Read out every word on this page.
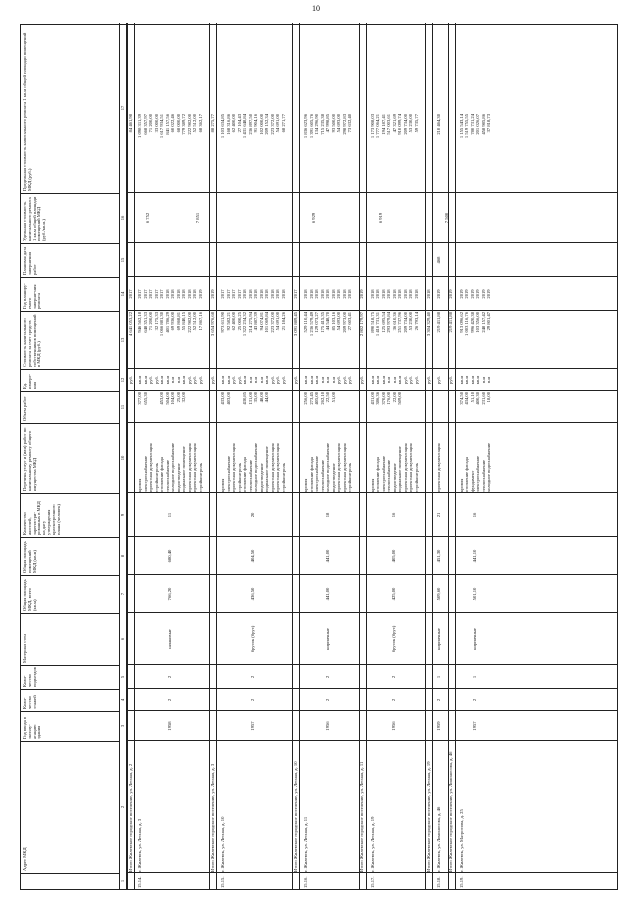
10
Адрес МКД
Год ввода в эксплу-атацию здания
Коли-чество этажей
Коли-чество подъездов
Материал стен
Общая площадь МКД, всего (кв.м)
Общая площадь помещений МКД (кв.м)
Количество жителей, зарегистри-рованных в МКД на дату утверждения краткосрочного плана (человек)
Перечень услуг и (или) работ по капитальному ремонту общего имущества МКД
Объем работ
Ед. измере-ния
Стоимость капитального ремонта за счет средств собственников помещений в МКД (руб.)
Год планиру-емого заверше-ния ремонта
Плановая дата завершения работ
Удельная стоимость капитального ремонта 1 кв.м общей площади помещений МКД (руб./кв.м.)
Предельная стоимость капитального ремонта 1 кв.м общей площади помещений МКД (руб.)
1
2
3
4
5
6
7
8
9
10
11
12
13
14
15
16
17
Итого Жилевское городское поселение, ул. Лесная, д. 2
руб.
4 641 053,22
2017
84 461,98
15.14.
г. Жилевск, ул. Лесная, д. 3
1958
2
2
шлаковые
766,20
680,40
11
6 752	7 851
кровля
377,00
кв.м
946 562,18
2017
1 098 311,39
электроснабжение
655,30
кв.м
648 351,33
2017
668 357,97
проектная документация
руб.
71 200,00
2017
71 200,00
стройконтроль
руб.
32 175,33
2017
33 000,00
отопление фасада
453,00
кв.м
1 066 881,30
2017
1 617 934,51
теплоснабжение
504,00
кв.м
401 786,29
2018
841 157,56
холодное водоснабжение
104,00
п.м
69 936,00
2018
60 022,46
водоотведение
25,00
п.м
69 868,81
2018
68 000,00
подвальное помещение
32,00
кв.м
55 840,15
2018
779 389,72
проектная документация
руб.
222 982,00
2018
222 982,00
проектная документация
руб.
52 512,00
2018
52 512,00
стройконтроль
руб.
17 867,16
2019
68 362,17
Итого Жилевское городское поселение, ул. Лесная, д. 3
руб.
3 654 976,68
2019
88 275,77
15.15.
г. Жилевск, ул. Лесная, д. 10
1957
2
2
брусок (брус)
436,50
404,50
20
кровля
433,00
кв.м
973 611,90
2017
1 103 634,85
электроснабжение
403,00
кв.м
92 582,21
2017
168 316,86
проектная документация
руб.
62 400,00
2017
62 400,00
стройконтроль
руб.
25 000,25
2017
27 104,43
отопление фасада
430,85
кв.м
1 322 234,32
2018
1 431 648,84
теплоснабжение
131,00
п.м
214 275,94
2018
236 897,50
холодное водоснабжение
35,00
п.м
43 887,39
2018
91 904,16
водоотведение
48,00
п.м
94 074,81
2018
102 000,00
подвальное помещение
44,00
кв.м
101 069,84
2018
209 152,34
проектная документация
руб.
223 372,00
2018
223 372,00
проектная документация
руб.
54 691,00
2018
54 691,00
стройконтроль
руб.
21 184,26
2018
68 271,77
Итого Жилевское городское поселение, ул. Лесная, д. 10
руб.
3 091 889,45
2017
15.16.
г. Жилевск, ул. Лесная, д. 11
1956
2
2
кирпичные
441,00
441,00
18
6 929
кровля
256,00
кв.м
529 110,44
2018
1 836 623,96
отопление фасада
273,45
кв.м
1 236 579,49
2018
1 391 605,76
электроснабжение
405,00
кв.м
129 073,27
2018
134 296,90
теплоснабжение
262,10
п.м
175 415,35
2018
715 235,38
холодное водоснабжение
22,50
п.м
44 548,70
2018
47 998,85
водоотведение
51,00
п.м
85 103,16
2018
93 500,00
проектная документация
руб.
54 693,00
2018
54 693,00
проектная документация
руб.
209 973,00
2018
298 972,83
стройконтроль
руб.
27 603,41
2018
73 632,40
Итого Жилевское городское поселение, ул. Лесная, д. 11
руб.
2 802 179,97
2019
15.17.
г. Жилевск, ул. Лесная, д. 19
1956
2
2
брусок (брус)
425,00
405,00
16
6 919
кровля
431,00
кв.м
890 518,75
2018
1 173 908,03
отопление фасада
386,36
кв.м
1 416 731,31
2018
1 777 064,21
электроснабжение
370,00
кв.м
125 695,54
2018
194 187,41
теплоснабжение
176,00
п.м
293 979,84
2018
517 003,61
водоотведение
22,00
п.м
36 610,36
2018
47 321,69
подвальное помещение
509,00
кв.м
251 737,96
2018
910 099,74
проектная документация
руб.
209 734,00
2018
209 734,00
проектная документация
руб.
53 230,00
2018
53 230,00
стройконтроль
руб.
26 793,14
2018
59 735,77
Итого Жилевское городское поселение, ул. Лесная, д. 19
руб.
3 304 329,40
2018
15.18.
г. Жилевск, ул. Ломоносова, д. 46
1959
2
1
кирпичные
509,60
451,30
21
7 500
проектная документация
руб.
219 411,88
2019
468
210 464,30
Итого Жилевское городское поселение, ул. Ломоносова, д. 46
руб.
219 411,88
2019
15.19.
г. Жилевск, ул. Матросова, д. 25
1957
2
1
кирпичные
501,10
441,10
16
кровля
374,50
кв.м
913 096,62
2019
1 155 543,14
отопление фасада
434,00
кв.м
1 003 116,76
2019
1 519 755,55
фундамент
51,10
кв.м
996 420,38
2019
780 731,24
электроснабжение
400,30
кв.м
103 356,00
2019
201 026,07
теплоснабжение
231,60
п.м
248 157,42
2019
458 985,86
холодное водоснабжение
18,00
п.м
29 801,47
2019
37 818,73
